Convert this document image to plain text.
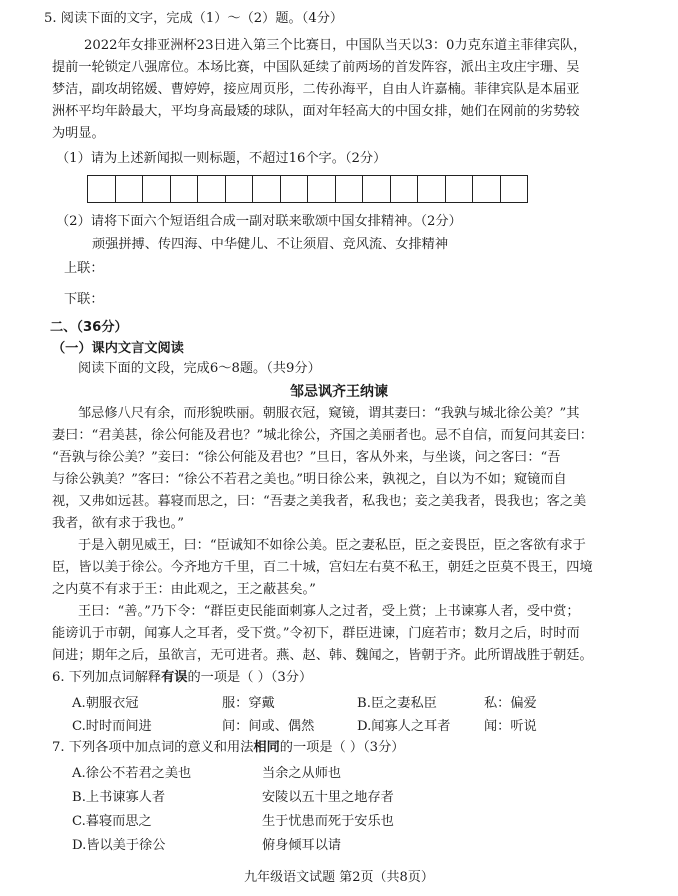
5. 阅读下面的文字，完成（1）～（2）题。（4分）
2022年女排亚洲杯23日进入第三个比赛日，中国队当天以3：0力克东道主菲律宾队，
提前一轮锁定八强席位。本场比赛，中国队延续了前两场的首发阵容，派出主攻庄宇珊、吴
梦洁，副攻胡铭媛、曹婷婷，接应周页彤，二传孙海平，自由人许嘉楠。菲律宾队是本届亚
洲杯平均年龄最大，平均身高最矮的球队，面对年轻高大的中国女排，她们在网前的劣势较
为明显。
（1）请为上述新闻拟一则标题，不超过16个字。（2分）
（2）请将下面六个短语组合成一副对联来歌颂中国女排精神。（2分）
顽强拼搏、传四海、中华健儿、不让须眉、竞风流、女排精神
上联：
下联：
二、（36分）
（一）课内文言文阅读
阅读下面的文段，完成6～8题。（共9分）
邹忌讽齐王纳谏
邹忌修八尺有余，而形貌昳丽。朝服衣冠，窥镜，谓其妻曰：“我孰与城北徐公美？”其
妻曰：“君美甚，徐公何能及君也？”城北徐公，齐国之美丽者也。忌不自信，而复问其妾曰：
“吾孰与徐公美？”妾曰：“徐公何能及君也？”旦日，客从外来，与坐谈，问之客曰：“吾
与徐公孰美？”客曰：“徐公不若君之美也。”明日徐公来，孰视之，自以为不如；窥镜而自
视，又弗如远甚。暮寝而思之，曰：“吾妻之美我者，私我也；妾之美我者，畏我也；客之美
我者，欲有求于我也。”
于是入朝见威王，曰：“臣诚知不如徐公美。臣之妻私臣，臣之妾畏臣，臣之客欲有求于
臣，皆以美于徐公。今齐地方千里，百二十城，宫妇左右莫不私王，朝廷之臣莫不畏王，四境
之内莫不有求于王：由此观之，王之蔽甚矣。”
王曰：“善。”乃下令：“群臣吏民能面刺寡人之过者，受上赏；上书谏寡人者，受中赏；
能谤讥于市朝，闻寡人之耳者，受下赏。”令初下，群臣进谏，门庭若市；数月之后，时时而
间进；期年之后，虽欲言，无可进者。燕、赵、韩、魏闻之，皆朝于齐。此所谓战胜于朝廷。
6. 下列加点词解释有误的一项是（ ）（3分）
A.朝服衣冠	服：穿戴	B.臣之妻私臣	私：偏爱
C.时时而间进	间：间或、偶然	D.闻寡人之耳者	闻：听说
7. 下列各项中加点词的意义和用法相同的一项是（ ）（3分）
A.徐公不若君之美也	当余之从师也
B.上书谏寡人者	安陵以五十里之地存者
C.暮寝而思之	生于忧患而死于安乐也
D.皆以美于徐公	俯身倾耳以请
九年级语文试题 第2页（共8页）
